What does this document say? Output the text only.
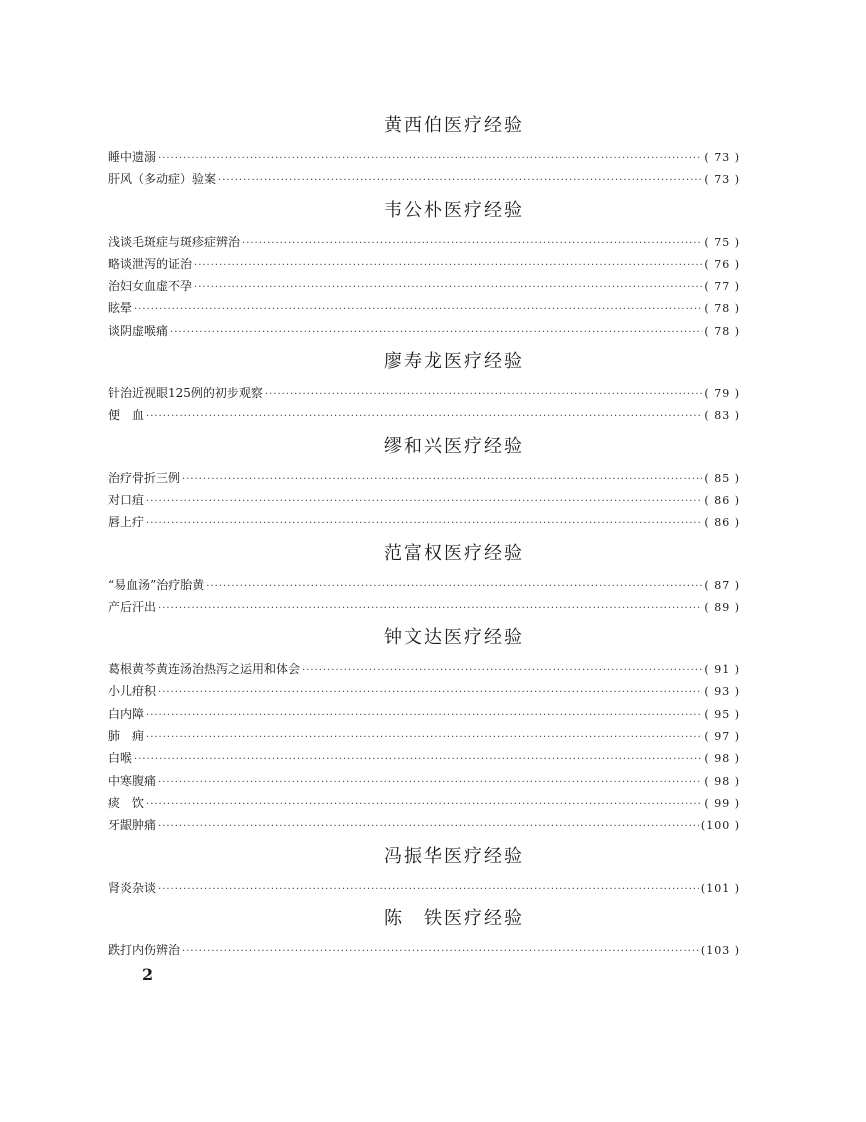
黄西伯医疗经验
睡中遗溺 ·····	( 73 )
肝风（多动症）验案 ·····	( 73 )
韦公朴医疗经验
浅谈毛斑症与斑疹症辨治 ·····	( 75 )
略谈泄泻的证治 ·····	( 76 )
治妇女血虚不孕 ·····	( 77 )
眩晕 ·····	( 78 )
谈阴虚喉痛 ·····	( 78 )
廖寿龙医疗经验
针治近视眼125例的初步观察 ·····	( 79 )
便　血 ·····	( 83 )
缪和兴医疗经验
治疗骨折三例 ·····	( 85 )
对口疽 ·····	( 86 )
唇上疔 ·····	( 86 )
范富权医疗经验
“易血汤”治疗胎黄 ·····	( 87 )
产后汗出 ·····	( 89 )
钟文达医疗经验
葛根黄芩黄连汤治热泻之运用和体会 ·····	( 91 )
小儿疳积 ·····	( 93 )
白内障 ·····	( 95 )
肺　痈 ·····	( 97 )
白喉 ·····	( 98 )
中寒腹痛 ·····	( 98 )
痰　饮 ·····	( 99 )
牙龈肿痛 ·····	(100 )
冯振华医疗经验
肾炎杂谈 ·····	(101 )
陈　铁医疗经验
跌打内伤辨治 ·····	(103 )
2
